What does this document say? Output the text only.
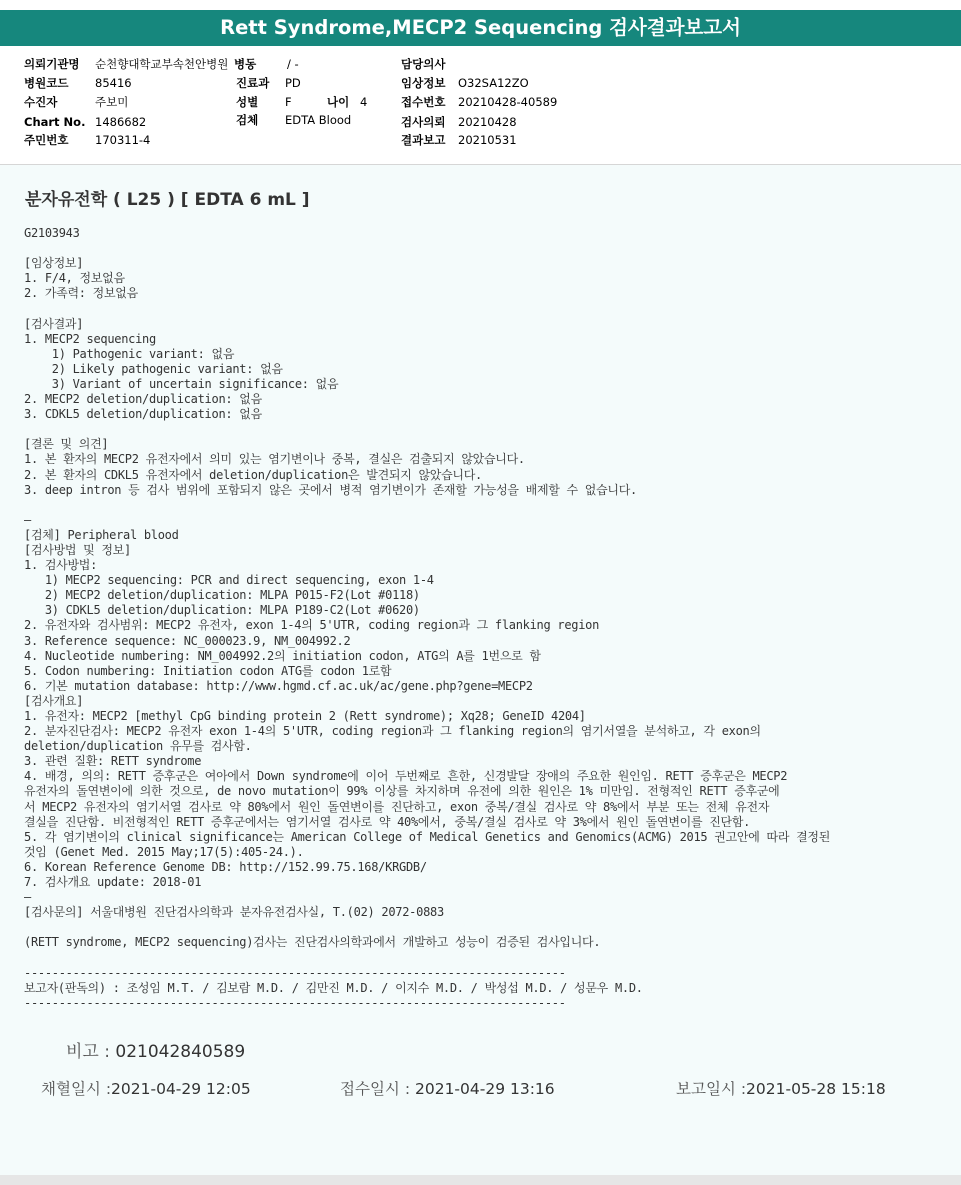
Rett Syndrome,MECP2 Sequencing 검사결과보고서
의뢰기관명 순천향대학교부속천안병원 병동	/ -	담당의사
병원코드 85416	진료과 PD	임상정보 O32SA12ZO
수진자	주보미	성별 F	나이 4	접수번호 20210428-40589
Chart No. 1486682	검체 EDTA Blood	검사의뢰 20210428
주민번호 170311-4	결과보고 20210531
분자유전학 ( L25 ) [ EDTA 6 mL ]
G2103943
[임상정보]
1. F/4, 정보없음
2. 가족력: 정보없음
[검사결과]
1. MECP2 sequencing
1) Pathogenic variant: 없음
2) Likely pathogenic variant: 없음
3) Variant of uncertain significance: 없음
2. MECP2 deletion/duplication: 없음
3. CDKL5 deletion/duplication: 없음
[결론 및 의견]
1. 본 환자의 MECP2 유전자에서 의미 있는 염기변이나 중복, 결실은 검출되지 않았습니다.
2. 본 환자의 CDKL5 유전자에서 deletion/duplication은 발견되지 않았습니다.
3. deep intron 등 검사 범위에 포함되지 않은 곳에서 병적 염기변이가 존재할 가능성을 배제할 수 없습니다.
—
[검체] Peripheral blood
[검사방법 및 정보]
1. 검사방법:
1) MECP2 sequencing: PCR and direct sequencing, exon 1-4
2) MECP2 deletion/duplication: MLPA P015-F2(Lot #0118)
3) CDKL5 deletion/duplication: MLPA P189-C2(Lot #0620)
2. 유전자와 검사범위: MECP2 유전자, exon 1-4의 5'UTR, coding region과 그 flanking region
3. Reference sequence: NC_000023.9, NM_004992.2
4. Nucleotide numbering: NM_004992.2의 initiation codon, ATG의 A를 1번으로 함
5. Codon numbering: Initiation codon ATG를 codon 1로함
6. 기본 mutation database: http://www.hgmd.cf.ac.uk/ac/gene.php?gene=MECP2
[검사개요]
1. 유전자: MECP2 [methyl CpG binding protein 2 (Rett syndrome); Xq28; GeneID 4204]
2. 분자진단검사: MECP2 유전자 exon 1-4의 5'UTR, coding region과 그 flanking region의 염기서열을 분석하고, 각 exon의
deletion/duplication 유무를 검사함.
3. 관련 질환: RETT syndrome
4. 배경, 의의: RETT 증후군은 여아에서 Down syndrome에 이어 두번째로 흔한, 신경발달 장애의 주요한 원인임. RETT 증후군은 MECP2
유전자의 돌연변이에 의한 것으로, de novo mutation이 99% 이상를 차지하며 유전에 의한 원인은 1% 미만임. 전형적인 RETT 증후군에
서 MECP2 유전자의 염기서열 검사로 약 80%에서 원인 돌연변이를 진단하고, exon 중복/결실 검사로 약 8%에서 부분 또는 전체 유전자
결실을 진단함. 비전형적인 RETT 증후군에서는 염기서열 검사로 약 40%에서, 중복/결실 검사로 약 3%에서 원인 돌연변이를 진단함.
5. 각 염기변이의 clinical significance는 American College of Medical Genetics and Genomics(ACMG) 2015 권고안에 따라 결정된
것임 (Genet Med. 2015 May;17(5):405-24.).
6. Korean Reference Genome DB: http://152.99.75.168/KRGDB/
7. 검사개요 update: 2018-01
—
[검사문의] 서울대병원 진단검사의학과 분자유전검사실, T.(02) 2072-0883
(RETT syndrome, MECP2 sequencing)검사는 진단검사의학과에서 개발하고 성능이 검증된 검사입니다.
------------------------------------------------------------------------------
보고자(판독의) : 조성임 M.T. / 김보람 M.D. / 김만진 M.D. / 이지수 M.D. / 박성섭 M.D. / 성문우 M.D.
------------------------------------------------------------------------------
비고 : 021042840589
채혈일시 :2021-04-29 12:05	접수일시 : 2021-04-29 13:16	보고일시 :2021-05-28 15:18
